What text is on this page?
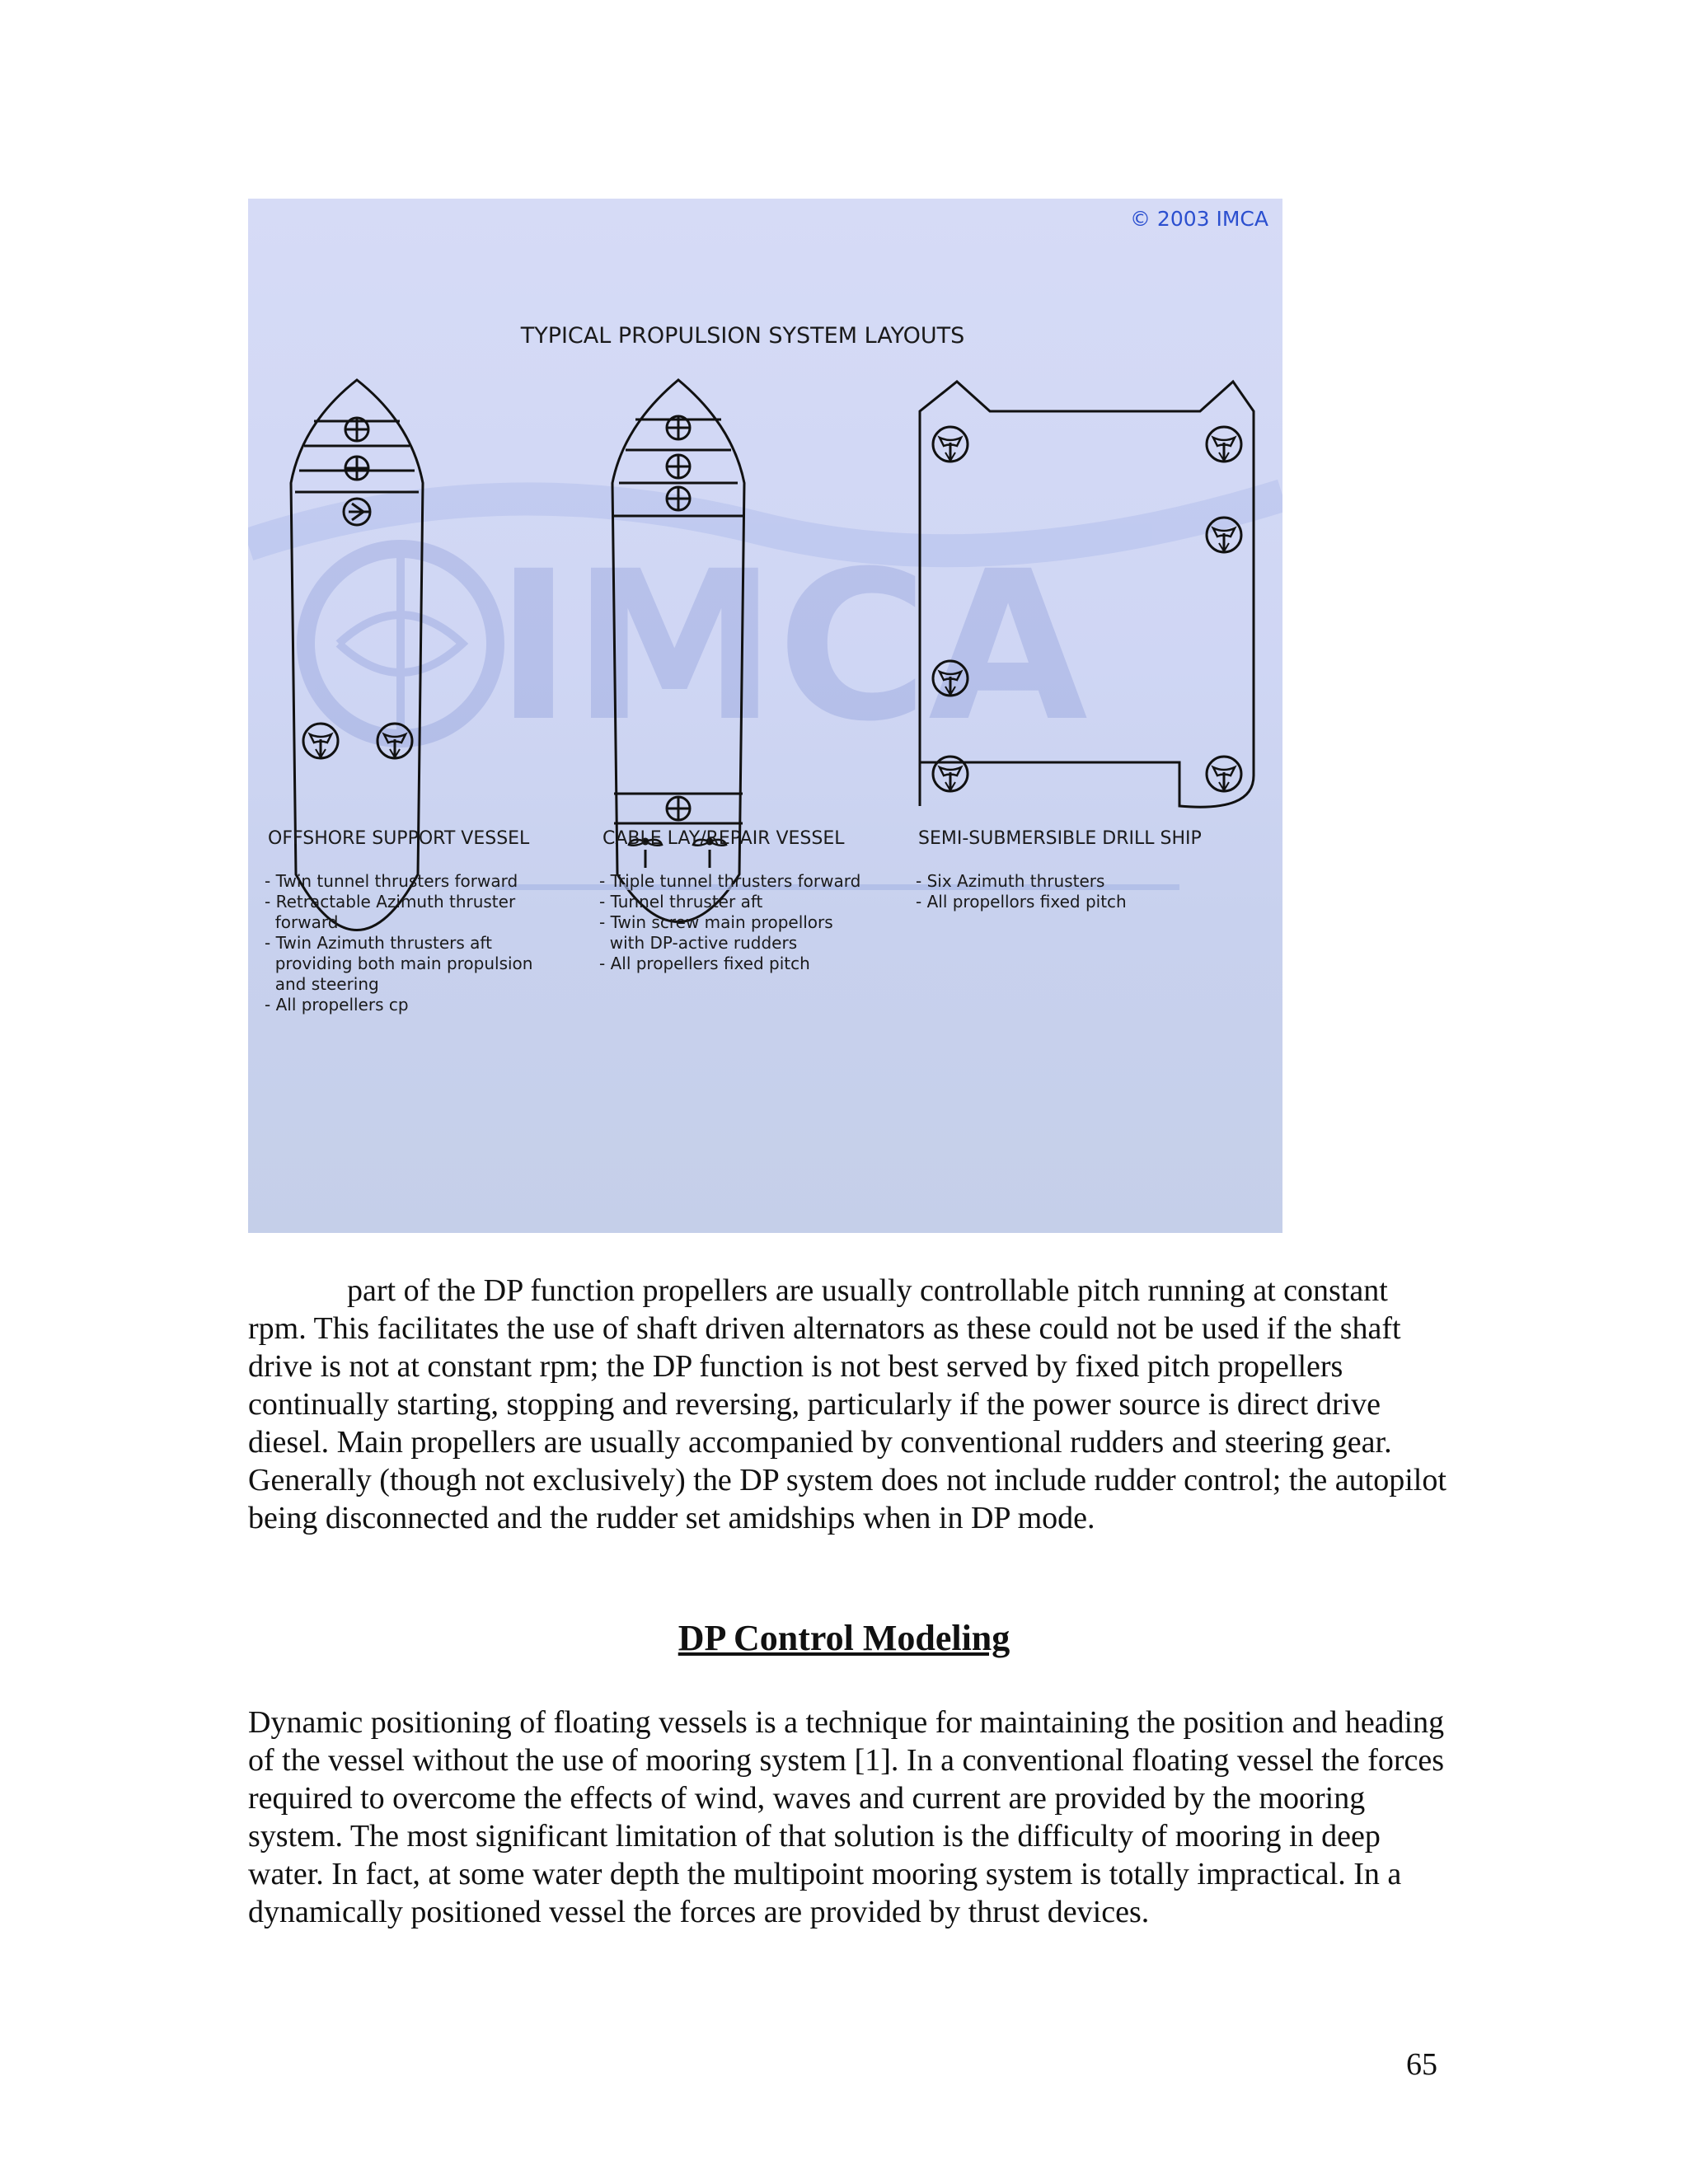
IMCA
© 2003 IMCA
TYPICAL PROPULSION SYSTEM LAYOUTS
OFFSHORE SUPPORT VESSEL
- Twin tunnel thrusters forward
- Retractable Azimuth thruster
forward
- Twin Azimuth thrusters aft
providing both main propulsion
and steering
- All propellers cp
CABLE LAY/REPAIR VESSEL
- Triple tunnel thrusters forward
- Tunnel thruster aft
- Twin screw main propellors
with DP-active rudders
- All propellers fixed pitch
SEMI-SUBMERSIBLE DRILL SHIP
- Six Azimuth thrusters
- All propellors fixed pitch

part of the DP function propellers are usually controllable pitch running at constant rpm. This facilitates the use of shaft driven alternators as these could not be used if the shaft drive is not at constant rpm; the DP function is not best served by fixed pitch propellers continually starting, stopping and reversing, particularly if the power source is direct drive diesel. Main propellers are usually accompanied by conventional rudders and steering gear. Generally (though not exclusively) the DP system does not include rudder control; the autopilot being disconnected and the rudder set amidships when in DP mode.

DP Control Modeling

Dynamic positioning of floating vessels is a technique for maintaining the position and heading of the vessel without the use of mooring system [1]. In a conventional floating vessel the forces required to overcome the effects of wind, waves and current are provided by the mooring system. The most significant limitation of that solution is the difficulty of mooring in deep water. In fact, at some water depth the multipoint mooring system is totally impractical. In a dynamically positioned vessel the forces are provided by thrust devices.

65
